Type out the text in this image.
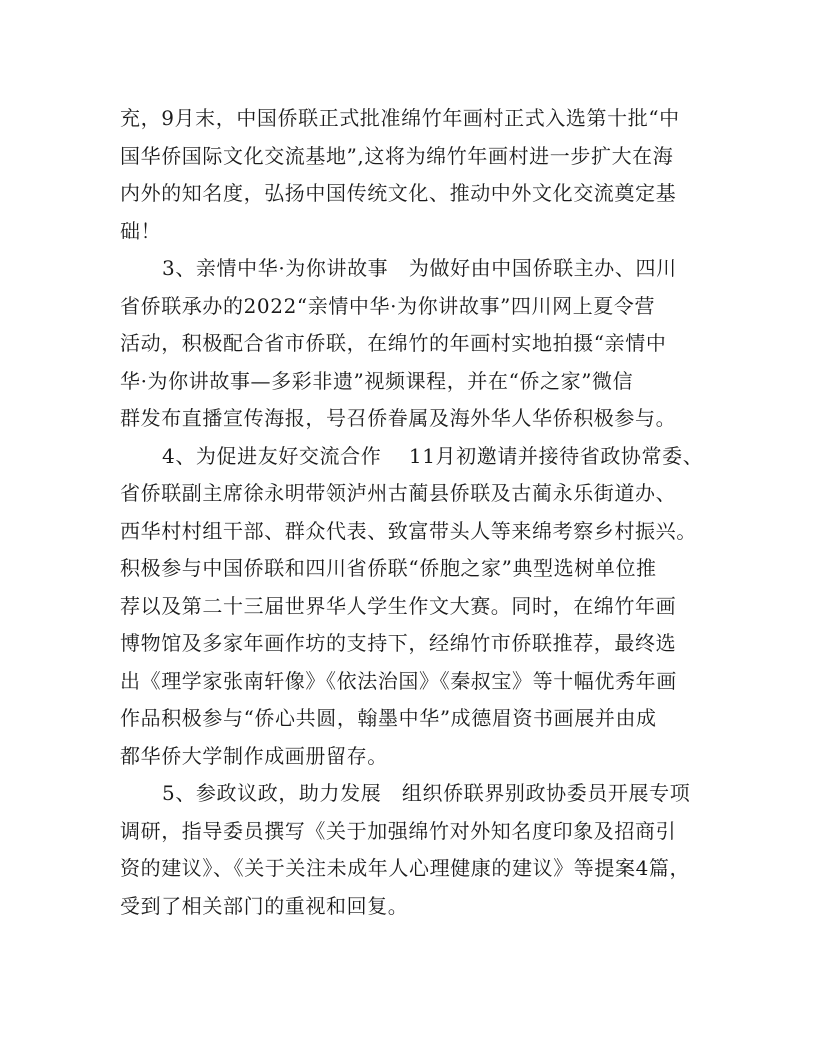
充，9月末，中国侨联正式批准绵竹年画村正式入选第十批“中
国华侨国际文化交流基地”,这将为绵竹年画村进一步扩大在海
内外的知名度，弘扬中国传统文化、推动中外文化交流奠定基
础！
3、亲情中华·为你讲故事　为做好由中国侨联主办、四川
省侨联承办的2022“亲情中华·为你讲故事”四川网上夏令营
活动，积极配合省市侨联，在绵竹的年画村实地拍摄“亲情中
华·为你讲故事—多彩非遗”视频课程，并在“侨之家”微信
群发布直播宣传海报，号召侨眷属及海外华人华侨积极参与。
4、为促进友好交流合作　 11月初邀请并接待省政协常委、
省侨联副主席徐永明带领泸州古蔺县侨联及古蔺永乐街道办、
西华村村组干部、群众代表、致富带头人等来绵考察乡村振兴。
积极参与中国侨联和四川省侨联“侨胞之家”典型选树单位推
荐以及第二十三届世界华人学生作文大赛。同时，在绵竹年画
博物馆及多家年画作坊的支持下，经绵竹市侨联推荐，最终选
出《理学家张南轩像》《依法治国》《秦叔宝》等十幅优秀年画
作品积极参与“侨心共圆，翰墨中华”成德眉资书画展并由成
都华侨大学制作成画册留存。
5、参政议政，助力发展　组织侨联界别政协委员开展专项
调研，指导委员撰写《关于加强绵竹对外知名度印象及招商引
资的建议》、《关于关注未成年人心理健康的建议》等提案4篇，
受到了相关部门的重视和回复。
